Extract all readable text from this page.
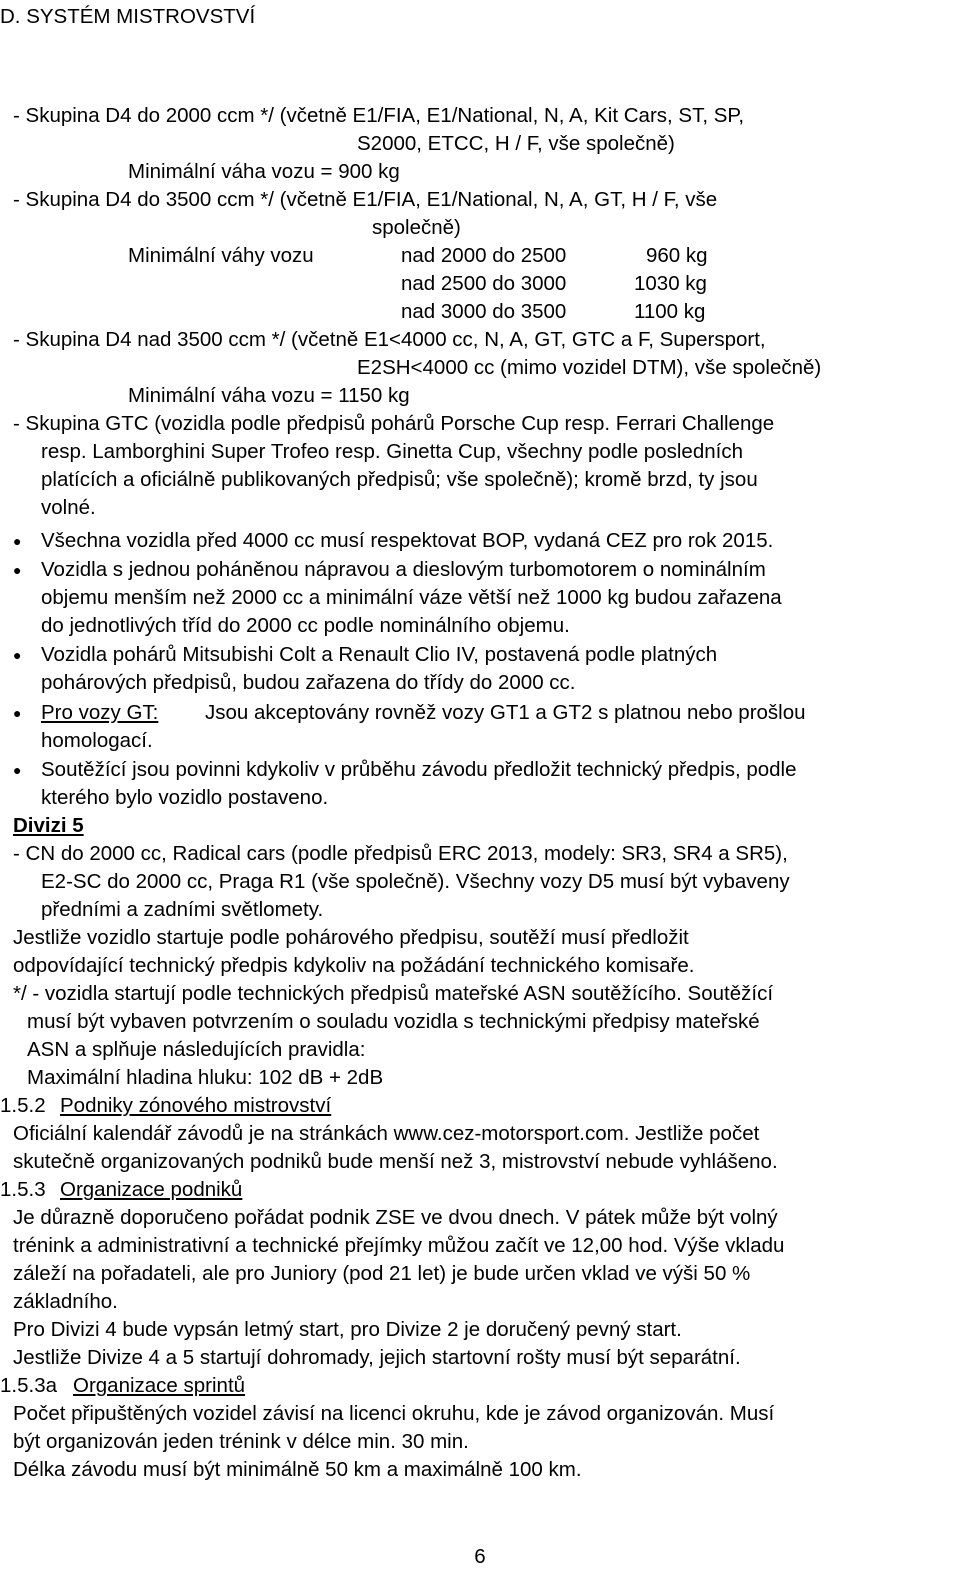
D. SYSTÉM MISTROVSTVÍ
- Skupina D4 do 2000 ccm */ (včetně E1/FIA, E1/National, N, A, Kit Cars, ST, SP,
S2000, ETCC, H / F, vše společně)
Minimální váha vozu = 900 kg
- Skupina D4 do 3500 ccm */ (včetně E1/FIA, E1/National, N, A, GT, H / F, vše
společně)
Minimální váhy vozu	nad 2000 do 2500	960 kg
nad 2500 do 3000	1030 kg
nad 3000 do 3500	1100 kg
- Skupina D4 nad 3500 ccm */ (včetně E1<4000 cc, N, A, GT, GTC a F, Supersport,
E2SH<4000 cc (mimo vozidel DTM), vše společně)
Minimální váha vozu = 1150 kg
- Skupina GTC (vozidla podle předpisů pohárů Porsche Cup resp. Ferrari Challenge
resp. Lamborghini Super Trofeo resp. Ginetta Cup, všechny podle posledních
platících a oficiálně publikovaných předpisů; vše společně); kromě brzd, ty jsou
volné.
●
Všechna vozidla před 4000 cc musí respektovat BOP, vydaná CEZ pro rok 2015.
●
Vozidla s jednou poháněnou nápravou a dieslovým turbomotorem o nominálním
objemu menším než 2000 cc a minimální váze větší než 1000 kg budou zařazena
do jednotlivých tříd do 2000 cc podle nominálního objemu.
●
Vozidla pohárů Mitsubishi Colt a Renault Clio IV, postavená podle platných
pohárových předpisů, budou zařazena do třídy do 2000 cc.
●
Pro vozy GT: Jsou akceptovány rovněž vozy GT1 a GT2 s platnou nebo prošlou
homologací.
●
Soutěžící jsou povinni kdykoliv v průběhu závodu předložit technický předpis, podle
kterého bylo vozidlo postaveno.
Divizi 5
- CN do 2000 cc, Radical cars (podle předpisů ERC 2013, modely: SR3, SR4 a SR5),
E2-SC do 2000 cc, Praga R1 (vše společně). Všechny vozy D5 musí být vybaveny
předními a zadními světlomety.
Jestliže vozidlo startuje podle pohárového předpisu, soutěží musí předložit
odpovídající technický předpis kdykoliv na požádání technického komisaře.
*/ - vozidla startují podle technických předpisů mateřské ASN soutěžícího. Soutěžící
musí být vybaven potvrzením o souladu vozidla s technickými předpisy mateřské
ASN a splňuje následujících pravidla:
Maximální hladina hluku: 102 dB + 2dB
1.5.2 Podniky zónového mistrovství
Oficiální kalendář závodů je na stránkách www.cez-motorsport.com. Jestliže počet
skutečně organizovaných podniků bude menší než 3, mistrovství nebude vyhlášeno.
1.5.3 Organizace podniků
Je důrazně doporučeno pořádat podnik ZSE ve dvou dnech. V pátek může být volný
trénink a administrativní a technické přejímky můžou začít ve 12,00 hod. Výše vkladu
záleží na pořadateli, ale pro Juniory (pod 21 let) je bude určen vklad ve výši 50 %
základního.
Pro Divizi 4 bude vypsán letmý start, pro Divize 2 je doručený pevný start.
Jestliže Divize 4 a 5 startují dohromady, jejich startovní rošty musí být separátní.
1.5.3a Organizace sprintů
Počet připuštěných vozidel závisí na licenci okruhu, kde je závod organizován. Musí
být organizován jeden trénink v délce min. 30 min.
Délka závodu musí být minimálně 50 km a maximálně 100 km.
6
